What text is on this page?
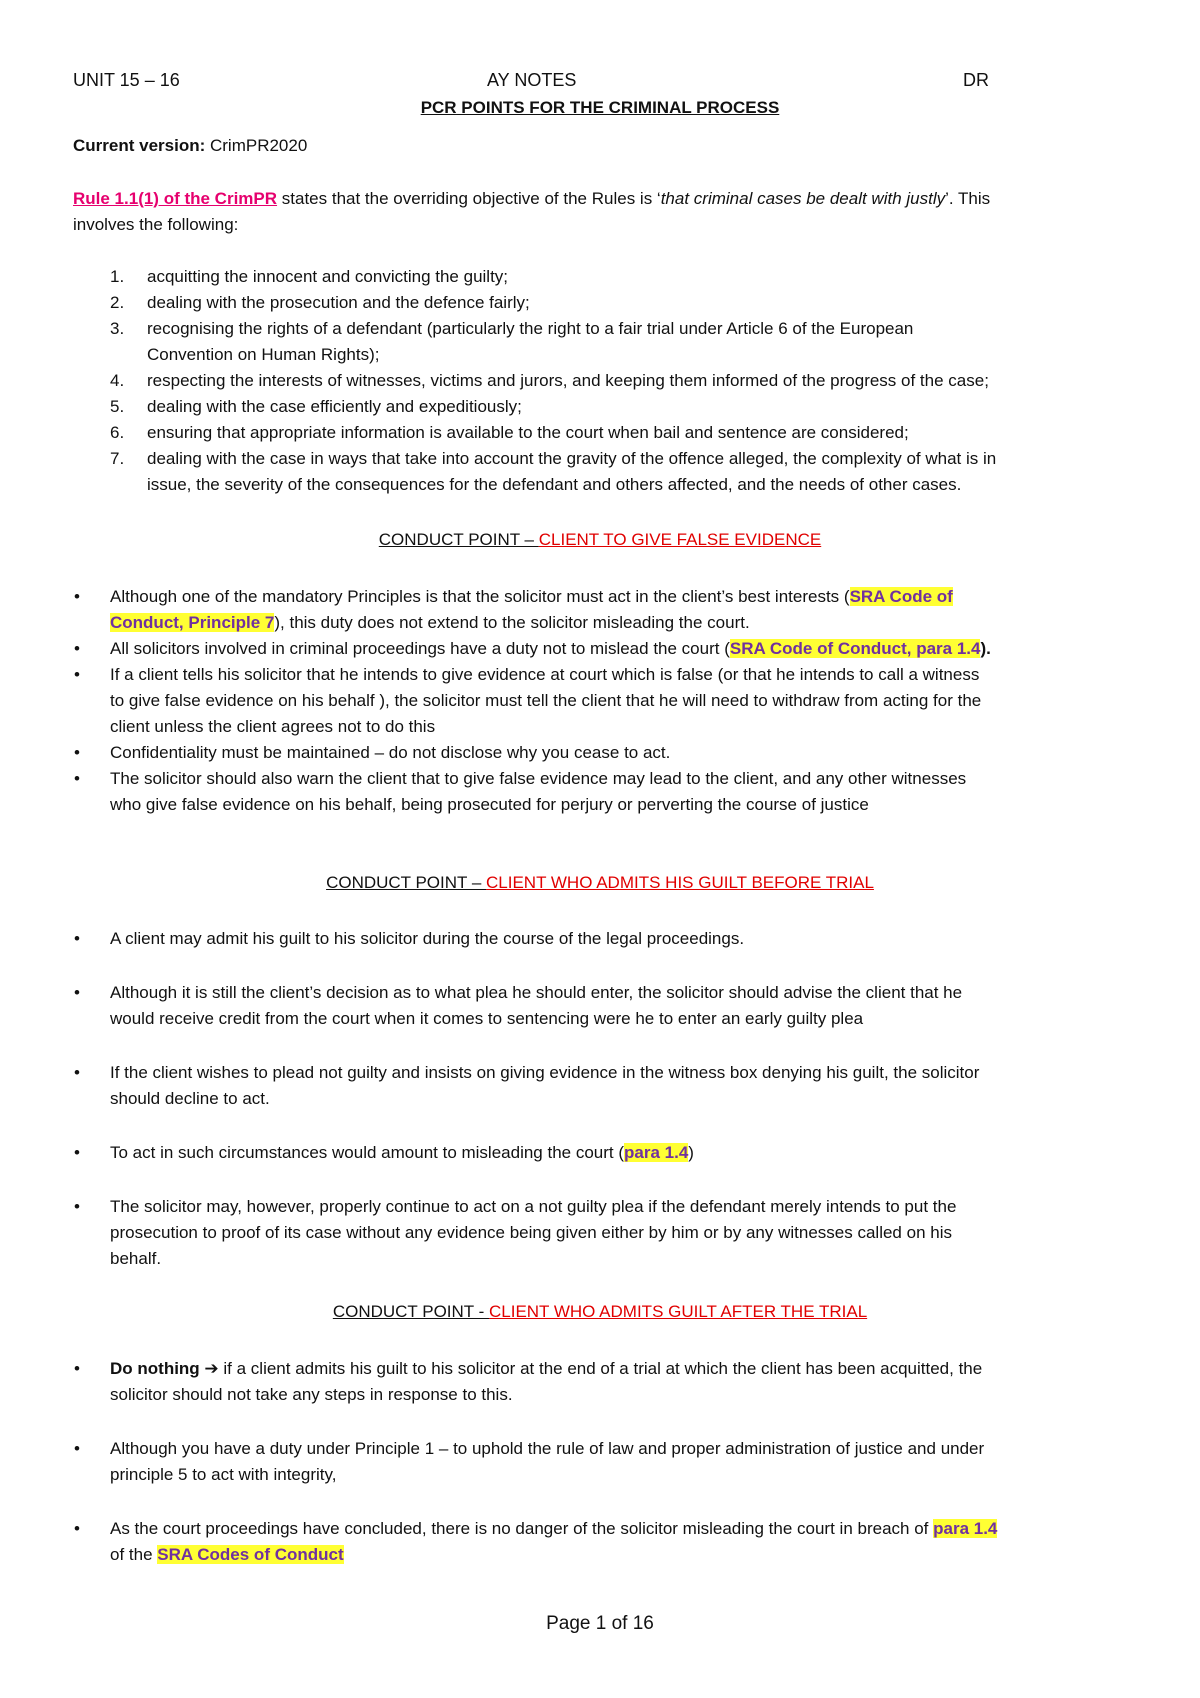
UNIT 15 – 16	AY NOTES	DR
PCR POINTS FOR THE CRIMINAL PROCESS
Current version: CrimPR2020
Rule 1.1(1) of the CrimPR states that the overriding objective of the Rules is ‘that criminal cases be dealt with justly’. This
involves the following:
1.	acquitting the innocent and convicting the guilty;
2.	dealing with the prosecution and the defence fairly;
3.	recognising the rights of a defendant (particularly the right to a fair trial under Article 6 of the European
Convention on Human Rights);
4.	respecting the interests of witnesses, victims and jurors, and keeping them informed of the progress of the case;
5.	dealing with the case efficiently and expeditiously;
6.	ensuring that appropriate information is available to the court when bail and sentence are considered;
7.	dealing with the case in ways that take into account the gravity of the offence alleged, the complexity of what is in
issue, the severity of the consequences for the defendant and others affected, and the needs of other cases.
CONDUCT POINT – CLIENT TO GIVE FALSE EVIDENCE
• Although one of the mandatory Principles is that the solicitor must act in the client’s best interests (SRA Code of
Conduct, Principle 7), this duty does not extend to the solicitor misleading the court.
• All solicitors involved in criminal proceedings have a duty not to mislead the court (SRA Code of Conduct, para 1.4).
• If a client tells his solicitor that he intends to give evidence at court which is false (or that he intends to call a witness
to give false evidence on his behalf ), the solicitor must tell the client that he will need to withdraw from acting for the
client unless the client agrees not to do this
• Confidentiality must be maintained – do not disclose why you cease to act.
• The solicitor should also warn the client that to give false evidence may lead to the client, and any other witnesses
who give false evidence on his behalf, being prosecuted for perjury or perverting the course of justice
CONDUCT POINT – CLIENT WHO ADMITS HIS GUILT BEFORE TRIAL
• A client may admit his guilt to his solicitor during the course of the legal proceedings.
• Although it is still the client’s decision as to what plea he should enter, the solicitor should advise the client that he
would receive credit from the court when it comes to sentencing were he to enter an early guilty plea
• If the client wishes to plead not guilty and insists on giving evidence in the witness box denying his guilt, the solicitor
should decline to act.
• To act in such circumstances would amount to misleading the court (para 1.4)
• The solicitor may, however, properly continue to act on a not guilty plea if the defendant merely intends to put the
prosecution to proof of its case without any evidence being given either by him or by any witnesses called on his
behalf.
CONDUCT POINT - CLIENT WHO ADMITS GUILT AFTER THE TRIAL
• Do nothing ➔ if a client admits his guilt to his solicitor at the end of a trial at which the client has been acquitted, the
solicitor should not take any steps in response to this.
• Although you have a duty under Principle 1 – to uphold the rule of law and proper administration of justice and under
principle 5 to act with integrity,
• As the court proceedings have concluded, there is no danger of the solicitor misleading the court in breach of para 1.4
of the SRA Codes of Conduct
Page 1 of 16
